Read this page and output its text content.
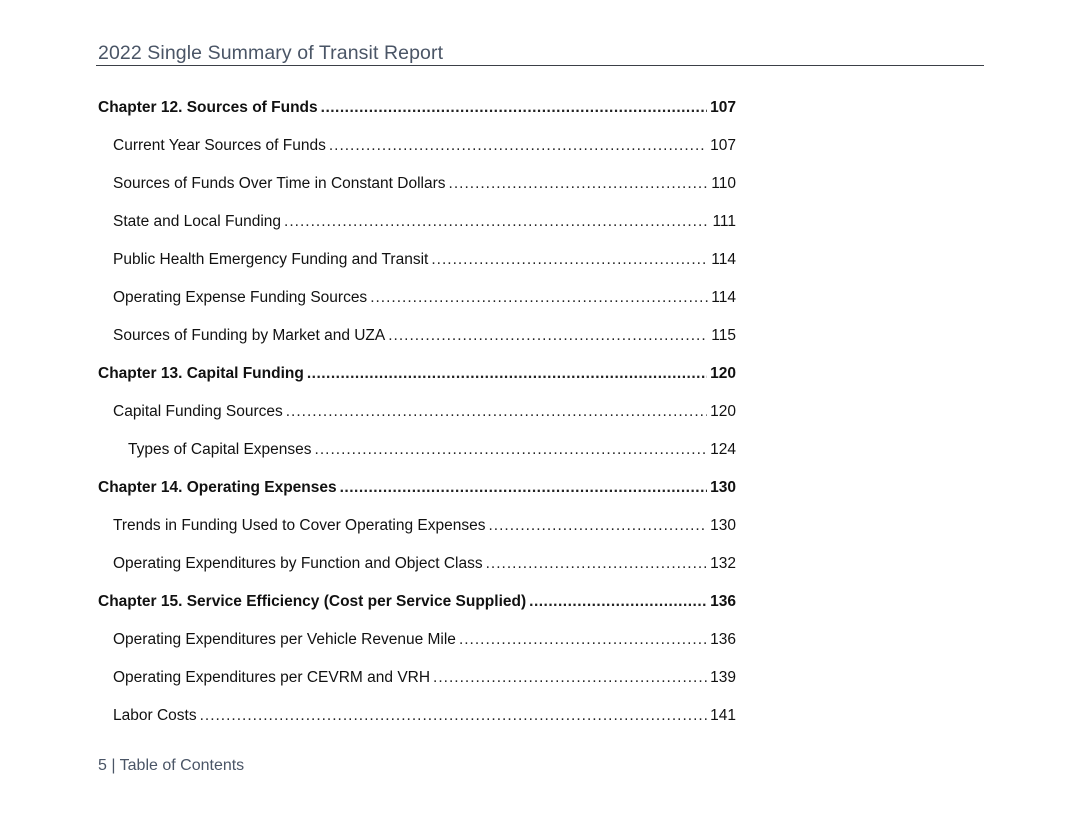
2022 Single Summary of Transit Report
Chapter 12. Sources of Funds .....	107
Current Year Sources of Funds .....	107
Sources of Funds Over Time in Constant Dollars .....	110
State and Local Funding .....	111
Public Health Emergency Funding and Transit .....	114
Operating Expense Funding Sources .....	114
Sources of Funding by Market and UZA .....	115
Chapter 13. Capital Funding .....	120
Capital Funding Sources .....	120
Types of Capital Expenses .....	124
Chapter 14. Operating Expenses .....	130
Trends in Funding Used to Cover Operating Expenses .....	130
Operating Expenditures by Function and Object Class .....	132
Chapter 15. Service Efficiency (Cost per Service Supplied) .....	136
Operating Expenditures per Vehicle Revenue Mile .....	136
Operating Expenditures per CEVRM and VRH .....	139
Labor Costs .....	141
5 | Table of Contents
